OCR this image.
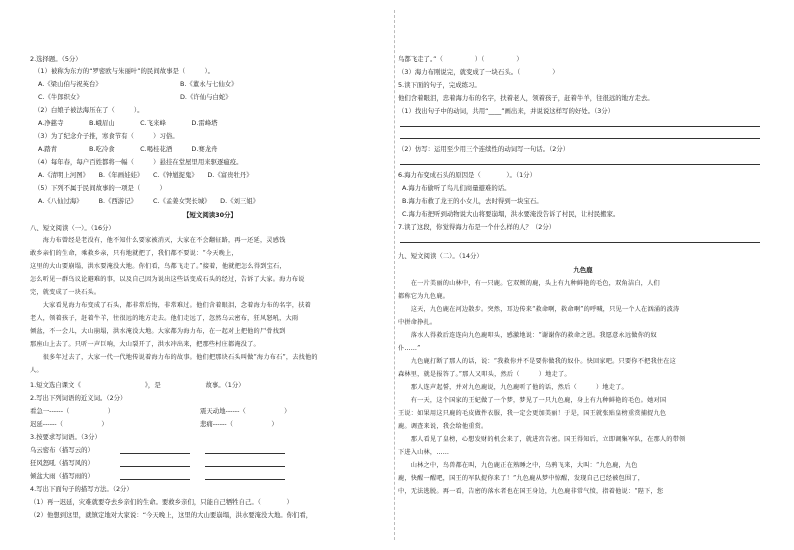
2.选择题。（5分）
（1）被称为东方的“罗密欧与朱丽叶”的民间故事是（　　　）。
A.《梁山伯与祝英台》	B.《董永与七仙女》
C.《牛郎织女》	D.《许仙与白蛇》
（2）白娘子被法海压在了（　　　）。
A.净慈寺　　　　B.峨眉山　　　　C.飞来峰　　　　D.雷峰塔
（3）为了纪念介子推，寒食节有（　　　）习俗。
A.踏青　　　　　B.吃冷食　　　　C.喝桂花酒　　　D.赛龙舟
（4）每年春，每户百姓都将一幅（　　　）悬挂在堂屋里用来驱逐瘟疫。
A.《清明上河图》　　B.《年画娃娃》　　C.《钟馗捉鬼》　　D.《富贵牡丹》
（5）下列不属于民间故事的一项是（　　　）
A.《八仙过海》　　　B.《西游记》　　　C.《孟姜女哭长城》　　D.《刘三姐》
【短文阅读30分】
八、短文阅读（一）。（16分）
　　海力布曾经是老没有，他不知什么要家被消灭，大家在不会翻征路，再一还延，灵感钱
敢乡亲们的生命，乘救乡亲，只有地就把了，我们都不要说：“今天晚上，
这里的大山要崩塌，洪水要淹没大地。你们看，鸟都飞走了。”接着，他就把怎么得到宝石，
怎么听见一群鸟议论避难的事，以及自己因为说出这些话变成石头的经过，告诉了大家。海力布说
完，就变成了一块石头。
　　大家看见海力布变成了石头，都非常后悔，非常难过。他们含着眼泪，念着海力布的名字，扶着
老人，领着孩子，赶着牛羊，往很远的地方走去。他们走远了，忽然乌云密布，狂风怒吼，大雨
倾盆，不一会儿，大山崩塌，洪水淹没大地。大家都为海力布，在一起对上把他的尸骨找到
那座山上去了。只听一声巨响，大山裂开了，洪水冲出来，把那些村庄都淹没了。
　　很多年过去了，大家一代一代地传说着海力布的故事。他们把那块石头叫做“海力布石”，去找他的
人。
1.短文选自课文《　　　　　　　　　　》，是　　　　　　　故事。（1分）
2.写出下列词语的近义词。（2分）
看急一------（　　　　　　）	震天动地------（　　　　　　）
迟延------（　　　　　　）	悲痛------（　　　　　　）
3.按要求写词语。（3分）
乌云密布（描写云的）
狂风怒吼（描写风的）
倾盆大雨（描写雨的）
4.写出下面句子的描写方法。（2分）
（1）再一迟延，灾难就要夺去乡亲们的生命。要救乡亲们，只能自己牺牲自己。（　　　　）
（2）他想到这里，就镇定地对大家说：“今天晚上，这里的大山要崩塌，洪水要淹没大地。你们看，
鸟都飞走了。”（　　　　　）（　　　　　）
（3）海力布刚说完，就变成了一块石头。（　　　　　）
5.读下面的句子，完成练习。
他们含着眼泪，忠着海力布的名字，扶着老人，领着孩子，赶着牛羊，往很远的地方走去。
（1）找出句子中的动词，共用“____”画出来，并说说这样写的好处。（3分）
（2）仿写：运用至少用三个连续性的动词写一句话。（2分）
6.海力布变成石头的原因是（　　　　）。（1分）
A.海力布偷听了鸟儿们商量避难的话。
B.海力布救了龙王的小女儿，去时得到一块宝石。
C.海力布把听到动物说大山将要崩塌，洪水要淹没告诉了村民，让村民搬家。
7.读了这段，你觉得海力布是一个什么样的人？（2分）
九、短文阅读（二）。（14分）
九色鹿
　　在一片美丽的山林中，有一只鹿。它双颊的鹿，头上有九种鲜艳的毛色，双角洁白，人们
都称它为九色鹿。
　　这天，九色鹿在河边散步。突然，耳边传来“救命啊，救命啊”的呼喊，只见一个人在汹涌的波涛
中拼命挣扎。
　　落水人得救后连连向九色鹿叩头，感激地说：“谢谢你的救命之恩。我愿意永远做你的奴
仆……”
　　九色鹿打断了那人的话，说：“我救你并不是要你做我的奴仆。快回家吧。只要你不把我住在这
森林里，就是报答了。”那人又叩头，然后（　　　）地走了。
　　那人连声起誓，并对九色鹿说，九色鹿听了他的话，然后（　　　）地走了。
　　有一天，这个国家的王妃做了一个梦，梦见了一只九色鹿，身上有九种鲜艳的毛色。她对国
王说：如果用这只鹿的毛皮做件衣服，我一定会更加美丽！于是，国王就张贴皇榜重赏捕捉九色
鹿。调查来说，我会给他重赏。
　　那人看见了皇榜，心想发财的机会来了，就进宫告密。国王得知后，立即调集军队，在那人的带领
下进入山林，……
　　山林之中，鸟兽都在叫，九色鹿正在熟睡之中，乌鸦飞来，大叫：“九色鹿，九色
鹿，快醒一醒吧，国王的军队捉你来了！”九色鹿从梦中惊醒，发现自己已经被包围了，
中，无法逃脱。再一看，告密的落水者也在国王身边，九色鹿非常气愤，指着他说：“陛下，您
